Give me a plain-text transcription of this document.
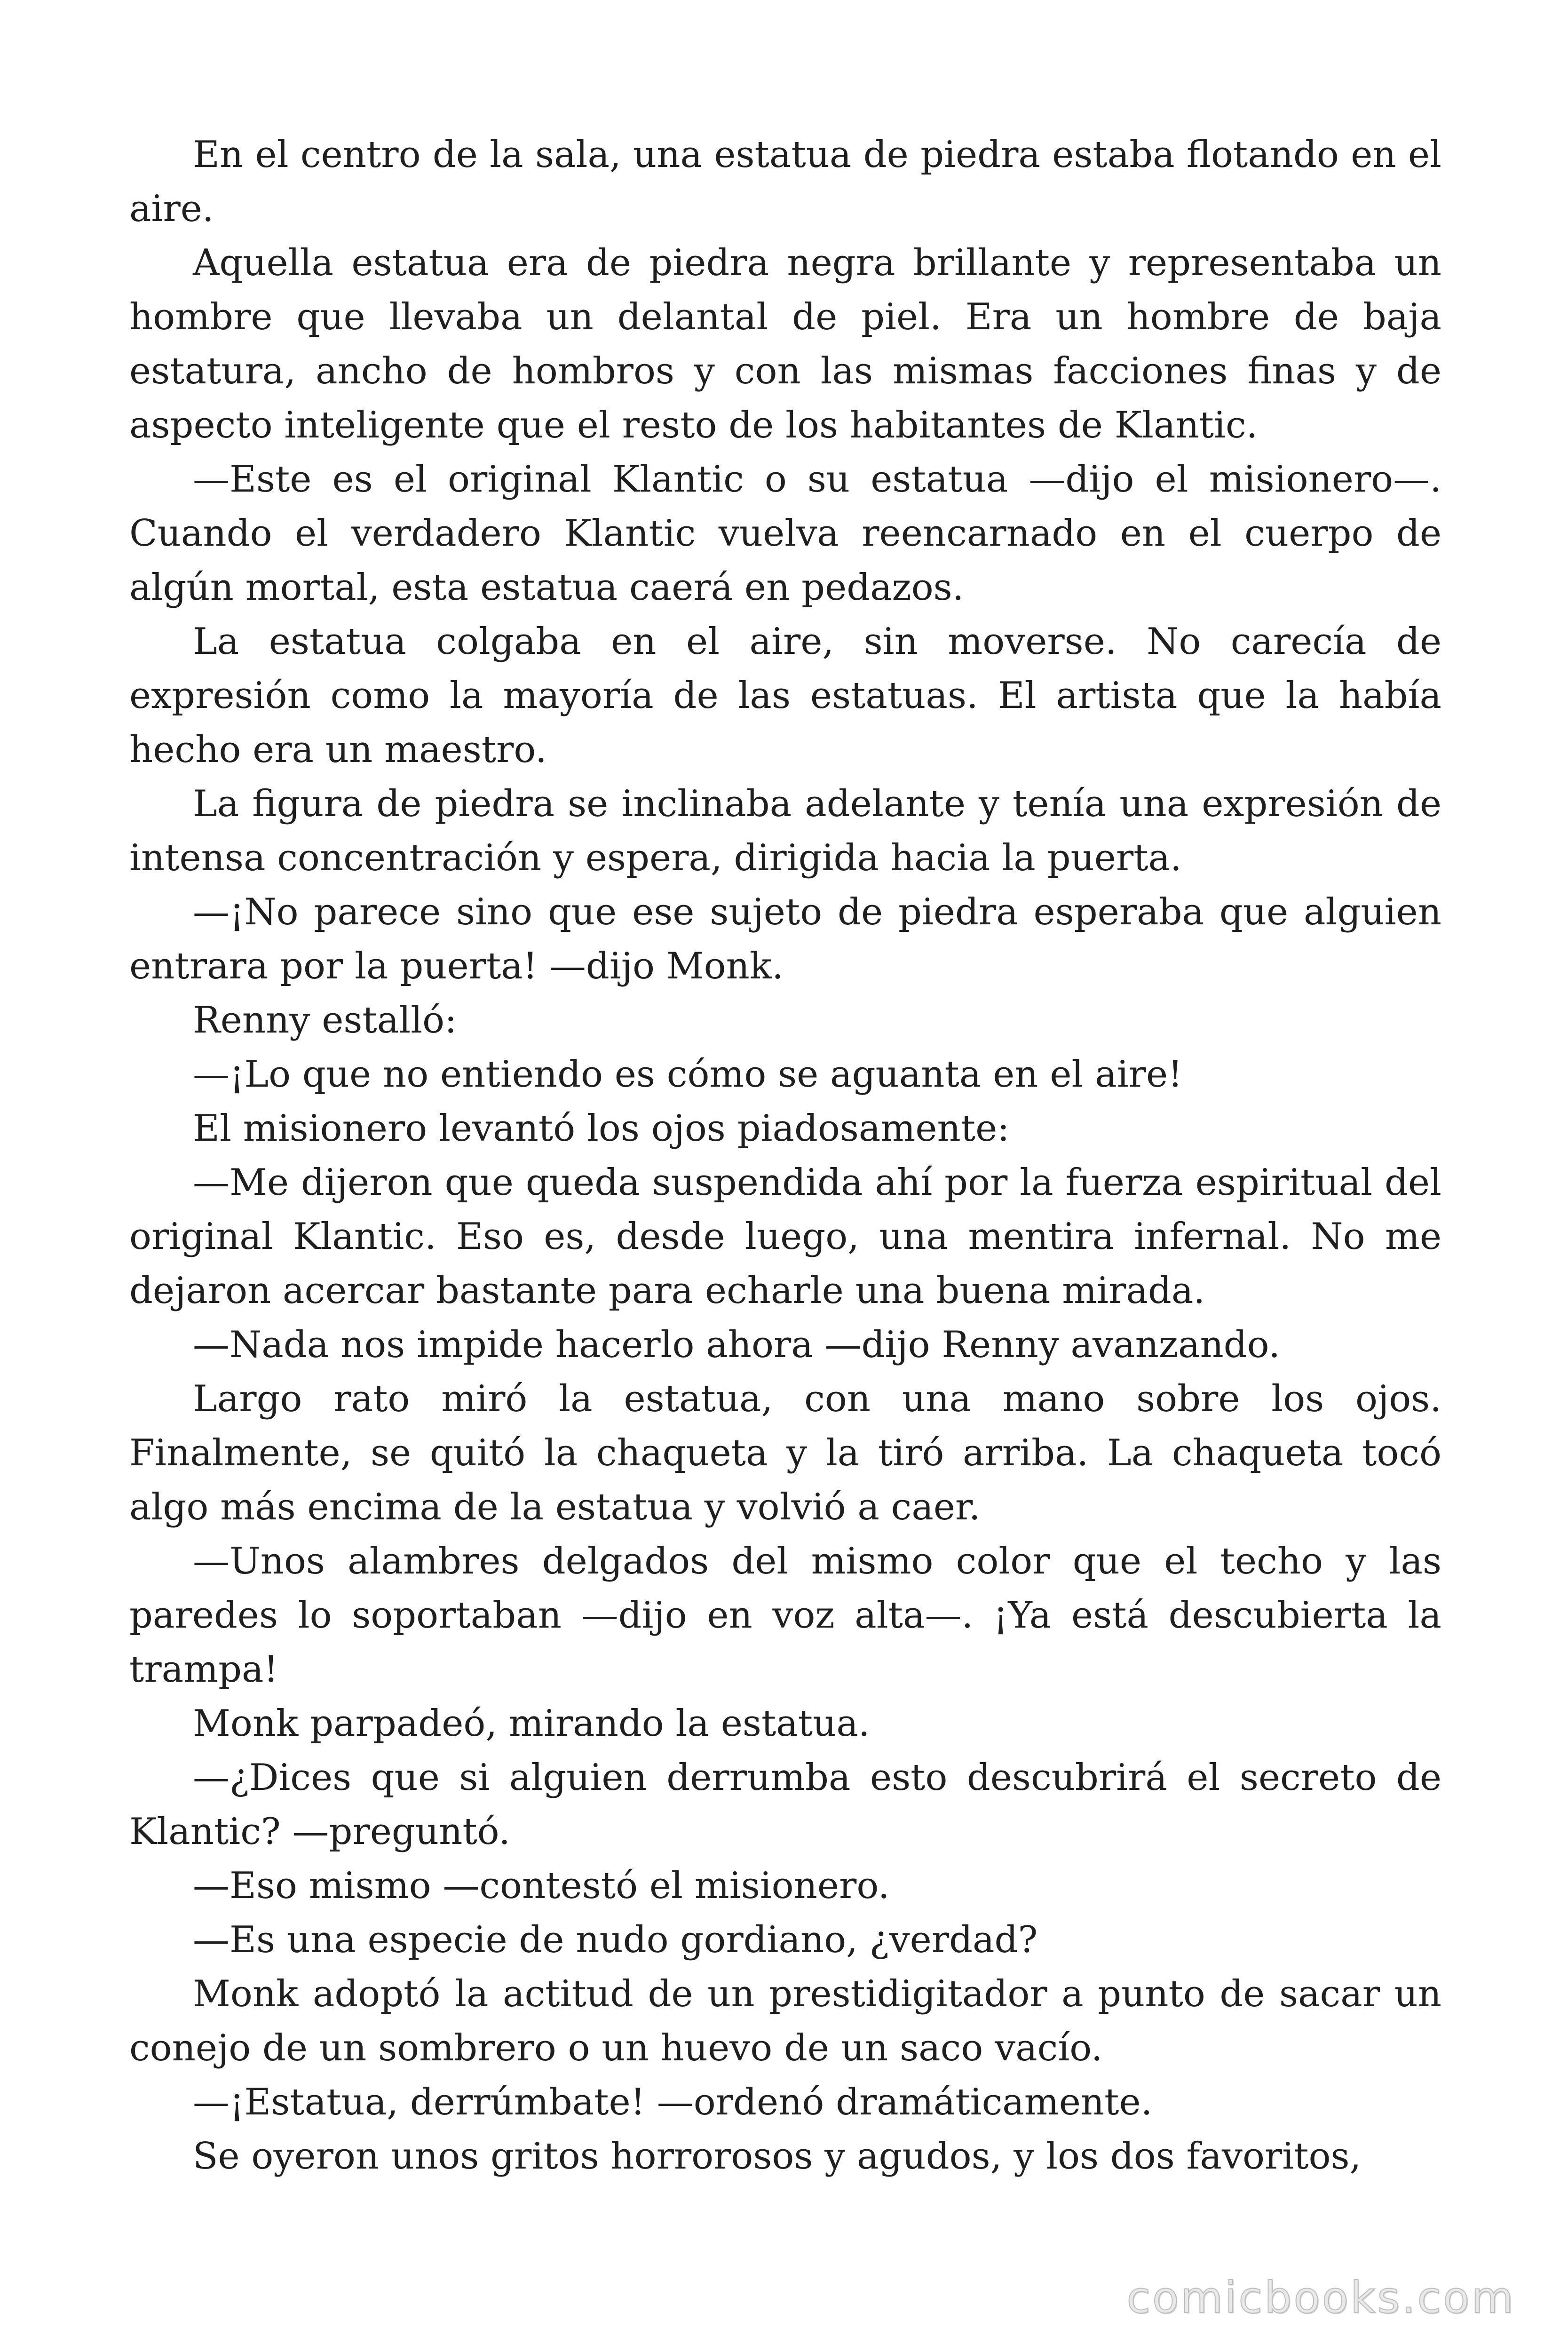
En el centro de la sala, una estatua de piedra estaba flotando en el aire.

Aquella estatua era de piedra negra brillante y representaba un hombre que llevaba un delantal de piel. Era un hombre de baja estatura, ancho de hombros y con las mismas facciones finas y de aspecto inteligente que el resto de los habitantes de Klantic.

—Este es el original Klantic o su estatua —dijo el misionero—. Cuando el verdadero Klantic vuelva reencarnado en el cuerpo de algún mortal, esta estatua caerá en pedazos.

La estatua colgaba en el aire, sin moverse. No carecía de expresión como la mayoría de las estatuas. El artista que la había hecho era un maestro.

La figura de piedra se inclinaba adelante y tenía una expresión de intensa concentración y espera, dirigida hacia la puerta.

—¡No parece sino que ese sujeto de piedra esperaba que alguien entrara por la puerta! —dijo Monk.

Renny estalló:

—¡Lo que no entiendo es cómo se aguanta en el aire!

El misionero levantó los ojos piadosamente:

—Me dijeron que queda suspendida ahí por la fuerza espiritual del original Klantic. Eso es, desde luego, una mentira infernal. No me dejaron acercar bastante para echarle una buena mirada.

—Nada nos impide hacerlo ahora —dijo Renny avanzando.

Largo rato miró la estatua, con una mano sobre los ojos. Finalmente, se quitó la chaqueta y la tiró arriba. La chaqueta tocó algo más encima de la estatua y volvió a caer.

—Unos alambres delgados del mismo color que el techo y las paredes lo soportaban —dijo en voz alta—. ¡Ya está descubierta la trampa!

Monk parpadeó, mirando la estatua.

—¿Dices que si alguien derrumba esto descubrirá el secreto de Klantic? —preguntó.

—Eso mismo —contestó el misionero.

—Es una especie de nudo gordiano, ¿verdad?

Monk adoptó la actitud de un prestidigitador a punto de sacar un conejo de un sombrero o un huevo de un saco vacío.

—¡Estatua, derrúmbate! —ordenó dramáticamente.

Se oyeron unos gritos horrorosos y agudos, y los dos favoritos,

comicbooks.com
